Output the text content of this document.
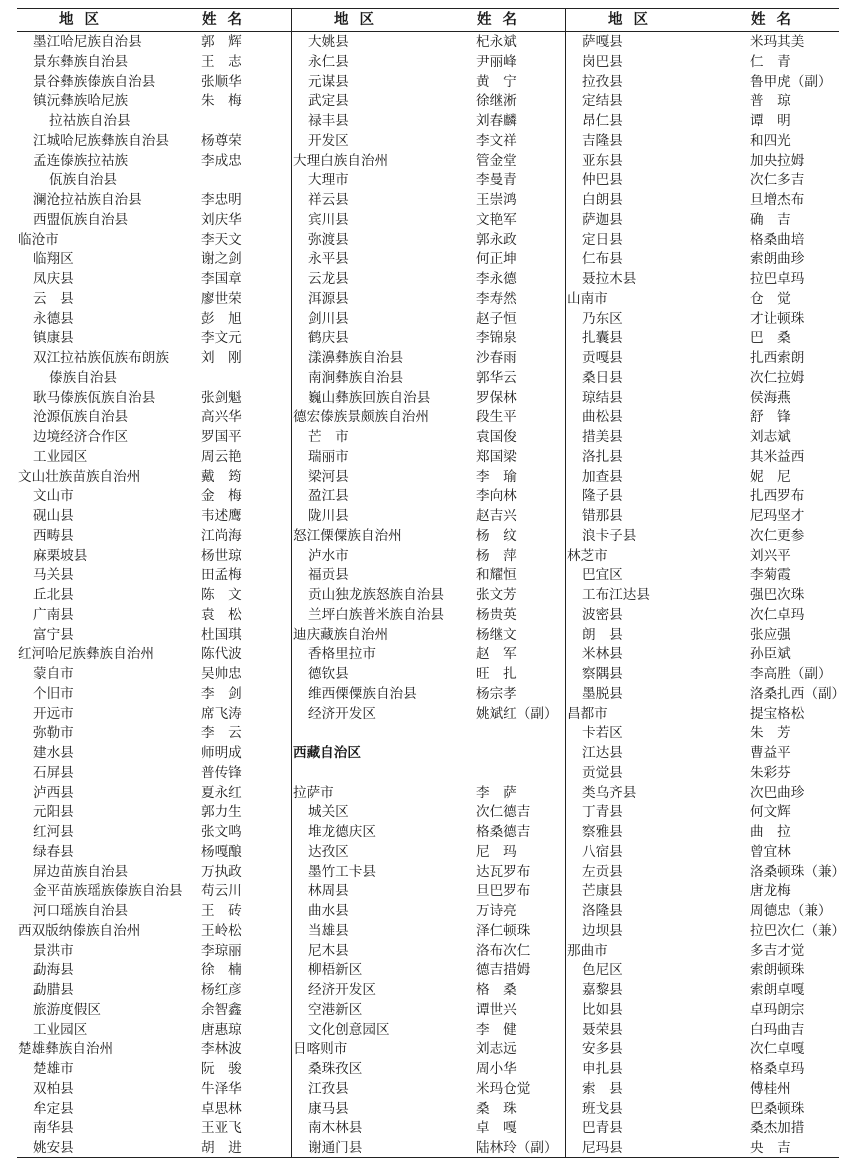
地区	姓名
墨江哈尼族自治县	郭　辉
景东彝族自治县	王　志
景谷彝族傣族自治县	张顺华
镇沅彝族哈尼族	朱　梅
拉祜族自治县
江城哈尼族彝族自治县 杨尊荣
孟连傣族拉祜族	李成忠
佤族自治县
澜沧拉祜族自治县	李忠明
西盟佤族自治县	刘庆华
临沧市	李天文
临翔区	谢之剑
凤庆县	李国章
云　县	廖世荣
永德县	彭　旭
镇康县	李文元
双江拉祜族佤族布朗族 刘　刚
傣族自治县
耿马傣族佤族自治县	张剑魁
沧源佤族自治县	高兴华
边境经济合作区	罗国平
工业园区	周云艳
文山壮族苗族自治州	戴　筠
文山市	金　梅
砚山县	韦述鹰
西畴县	江尚海
麻栗坡县	杨世琼
马关县	田孟梅
丘北县	陈　文
广南县	袁　松
富宁县	杜国琪
红河哈尼族彝族自治州	陈代波
蒙自市	吴帅忠
个旧市	李　剑
开远市	席飞涛
弥勒市	李　云
建水县	师明成
石屏县	普传锋
泸西县	夏永红
元阳县	郭力生
红河县	张文鸣
绿春县	杨嘎酿
屏边苗族自治县	万执政
金平苗族瑶族傣族自治县 苟云川
河口瑶族自治县	王　砖
西双版纳傣族自治州	王岭松
景洪市	李琼丽
勐海县	徐　楠
勐腊县	杨红彦
旅游度假区	余智鑫
工业园区	唐惠琼
楚雄彝族自治州	李林波
楚雄市	阮　骏
双柏县	牛泽华
牟定县	卓思林
南华县	王亚飞
姚安县	胡　进
地区	姓名
大姚县	杞永斌
永仁县	尹丽峰
元谋县	黄　宁
武定县	徐继淅
禄丰县	刘春麟
开发区	李文祥
大理白族自治州	管金堂
大理市	李曼青
祥云县	王崇鸿
宾川县	文艳军
弥渡县	郭永政
永平县	何正坤
云龙县	李永德
洱源县	李寿然
剑川县	赵子恒
鹤庆县	李锦泉
漾濞彝族自治县	沙春雨
南涧彝族自治县	郭华云
巍山彝族回族自治县	罗保林
德宏傣族景颇族自治州	段生平
芒　市	袁国俊
瑞丽市	郑国梁
梁河县	李　瑜
盈江县	李向林
陇川县	赵吉兴
怒江傈僳族自治州	杨　纹
泸水市	杨　萍
福贡县	和耀恒
贡山独龙族怒族自治县 张文芳
兰坪白族普米族自治县 杨贵英
迪庆藏族自治州	杨继文
香格里拉市	赵　军
德钦县	旺　扎
维西傈僳族自治县	杨宗孝
经济开发区	姚斌红（副）
西藏自治区
拉萨市	李　萨
城关区	次仁德吉
堆龙德庆区	格桑德吉
达孜区	尼　玛
墨竹工卡县	达瓦罗布
林周县	旦巴罗布
曲水县	万诗亮
当雄县	泽仁顿珠
尼木县	洛布次仁
柳梧新区	德吉措姆
经济开发区	格　桑
空港新区	谭世兴
文化创意园区	李　健
日喀则市	刘志远
桑珠孜区	周小华
江孜县	米玛仓觉
康马县	桑　珠
南木林县	卓　嘎
谢通门县	陆林玲（副）
地区	姓名
萨嘎县	米玛其美
岗巴县	仁　青
拉孜县	鲁甲虎（副）
定结县	普　琼
昂仁县	谭　明
吉隆县	和四光
亚东县	加央拉姆
仲巴县	次仁多吉
白朗县	旦增杰布
萨迦县	确　吉
定日县	格桑曲培
仁布县	索朗曲珍
聂拉木县	拉巴卓玛
山南市	仓　觉
乃东区	才让顿珠
扎囊县	巴　桑
贡嘎县	扎西索朗
桑日县	次仁拉姆
琼结县	侯海燕
曲松县	舒　锋
措美县	刘志斌
洛扎县	其米益西
加查县	妮　尼
隆子县	扎西罗布
错那县	尼玛坚才
浪卡子县	次仁更参
林芝市	刘兴平
巴宜区	李菊霞
工布江达县	强巴次珠
波密县	次仁卓玛
朗　县	张应强
米林县	孙臣斌
察隅县	李高胜（副）
墨脱县	洛桑扎西（副）
昌都市	提宝格松
卡若区	朱　芳
江达县	曹益平
贡觉县	朱彩芬
类乌齐县	次巴曲珍
丁青县	何文辉
察雅县	曲　拉
八宿县	曾宜林
左贡县	洛桑顿珠（兼）
芒康县	唐龙梅
洛隆县	周德忠（兼）
边坝县	拉巴次仁（兼）
那曲市	多吉才觉
色尼区	索朗顿珠
嘉黎县	索朗卓嘎
比如县	卓玛朗宗
聂荣县	白玛曲吉
安多县	次仁卓嘎
申扎县	格桑卓玛
索　县	傅桂州
班戈县	巴桑顿珠
巴青县	桑杰加措
尼玛县	央　吉
